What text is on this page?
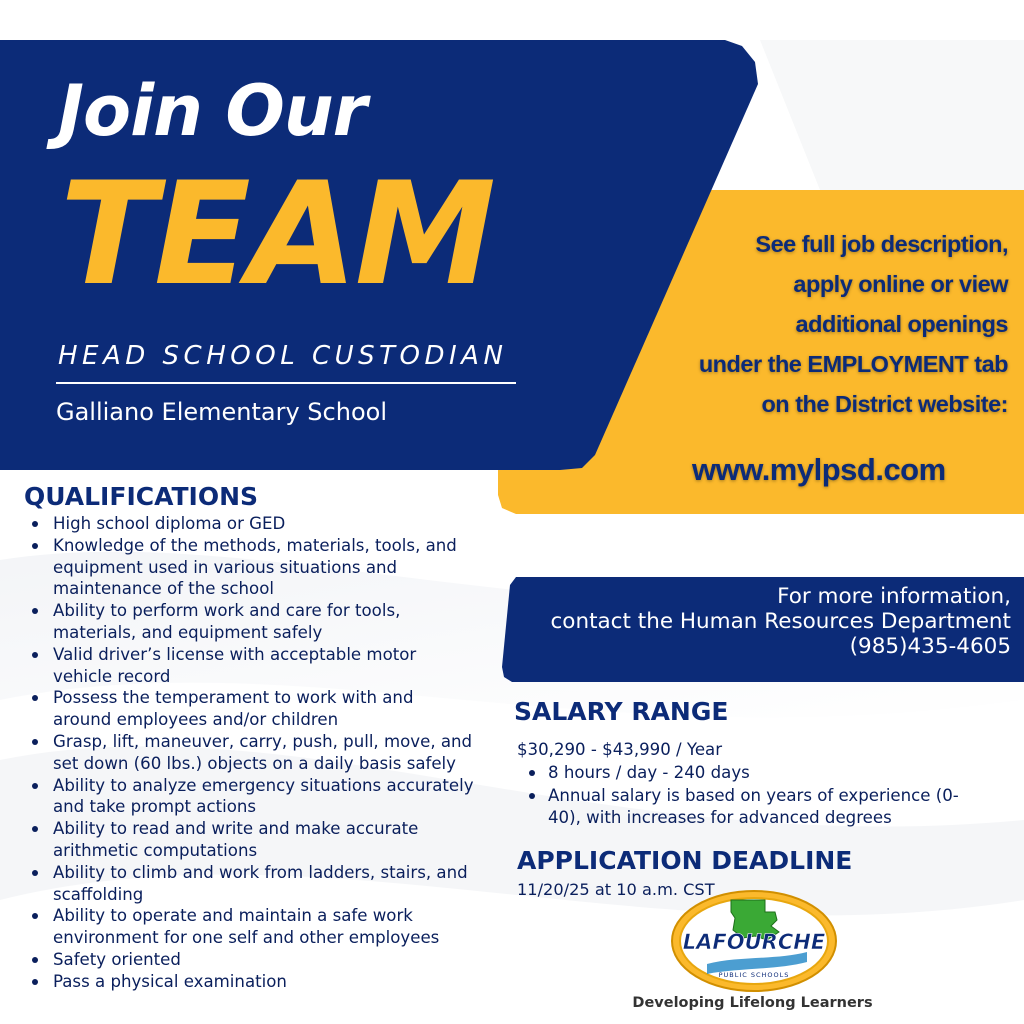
Join Our
TEAM
HEAD SCHOOL CUSTODIAN

Galliano Elementary School

See full job description,
apply online or view
additional openings
under the EMPLOYMENT tab
on the District website:

www.mylpsd.com

For more information,
contact the Human Resources Department
(985)435-4605

QUALIFICATIONS
High school diploma or GED
Knowledge of the methods, materials, tools, and equipment used in various situations and maintenance of the school
Ability to perform work and care for tools, materials, and equipment safely
Valid driver’s license with acceptable motor vehicle record
Possess the temperament to work with and around employees and/or children
Grasp, lift, maneuver, carry, push, pull, move, and set down (60 lbs.) objects on a daily basis safely
Ability to analyze emergency situations accurately and take prompt actions
Ability to read and write and make accurate arithmetic computations
Ability to climb and work from ladders, stairs, and scaffolding
Ability to operate and maintain a safe work environment for one self and other employees
Safety oriented
Pass a physical examination
SALARY RANGE

$30,290 - $43,990 / Year

8 hours / day - 240 days
Annual salary is based on years of experience (0-40), with increases for advanced degrees
APPLICATION DEADLINE

11/20/25 at 10 a.m. CST

LAFOURCHE
PUBLIC SCHOOLS

Developing Lifelong Learners
